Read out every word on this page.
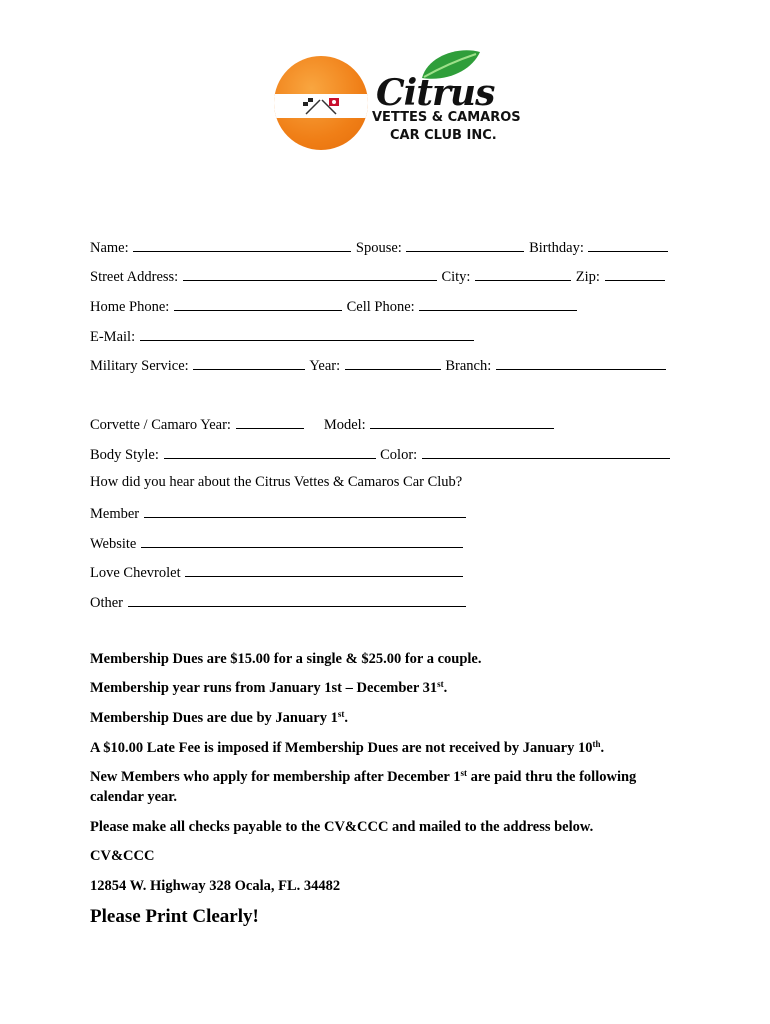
Citrus
VETTES & CAMAROS
CAR CLUB INC.
Name:	Spouse:	Birthday:
Street Address:	City:	Zip:
Home Phone:	Cell Phone:
E-Mail:
Military Service:	Year:	Branch:
Corvette / Camaro Year:	Model:
Body Style:	Color:
How did you hear about the Citrus Vettes & Camaros Car Club?
Member
Website
Love Chevrolet
Other
Membership Dues are $15.00 for a single & $25.00 for a couple.
Membership year runs from January 1st – December 31st.
Membership Dues are due by January 1st.
A $10.00 Late Fee is imposed if Membership Dues are not received by January 10th.
New Members who apply for membership after December 1st are paid thru the following
calendar year.
Please make all checks payable to the CV&CCC and mailed to the address below.
CV&CCC
12854 W. Highway 328 Ocala, FL. 34482
Please Print Clearly!
